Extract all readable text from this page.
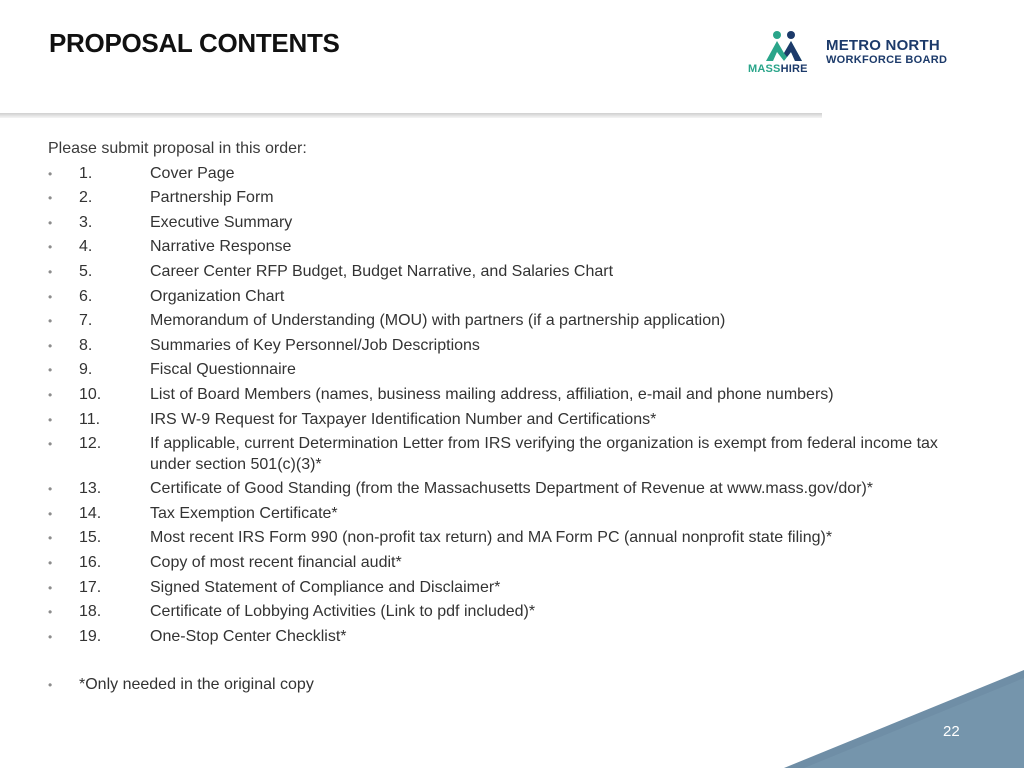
PROPOSAL CONTENTS
MASSHIRE
METRO NORTH
WORKFORCE BOARD
Please submit proposal in this order:
• 1.	Cover Page
• 2.	Partnership Form
• 3.	Executive Summary
• 4.	Narrative Response
• 5.	Career Center RFP Budget, Budget Narrative, and Salaries Chart
• 6.	Organization Chart
• 7.	Memorandum of Understanding (MOU) with partners (if a partnership application)
• 8.	Summaries of Key Personnel/Job Descriptions
• 9.	Fiscal Questionnaire
• 10.	List of Board Members (names, business mailing address, affiliation, e-mail and phone numbers)
• 11.	IRS W-9 Request for Taxpayer Identification Number and Certifications*
• 12.	If applicable, current Determination Letter from IRS verifying the organization is exempt from federal income tax under section 501(c)(3)*
• 13.	Certificate of Good Standing (from the Massachusetts Department of Revenue at www.mass.gov/dor)*
• 14.	Tax Exemption Certificate*
• 15.	Most recent IRS Form 990 (non-profit tax return) and MA Form PC (annual nonprofit state filing)*
• 16.	Copy of most recent financial audit*
• 17.	Signed Statement of Compliance and Disclaimer*
• 18.	Certificate of Lobbying Activities (Link to pdf included)*
• 19.	One-Stop Center Checklist*
• *Only needed in the original copy
22
